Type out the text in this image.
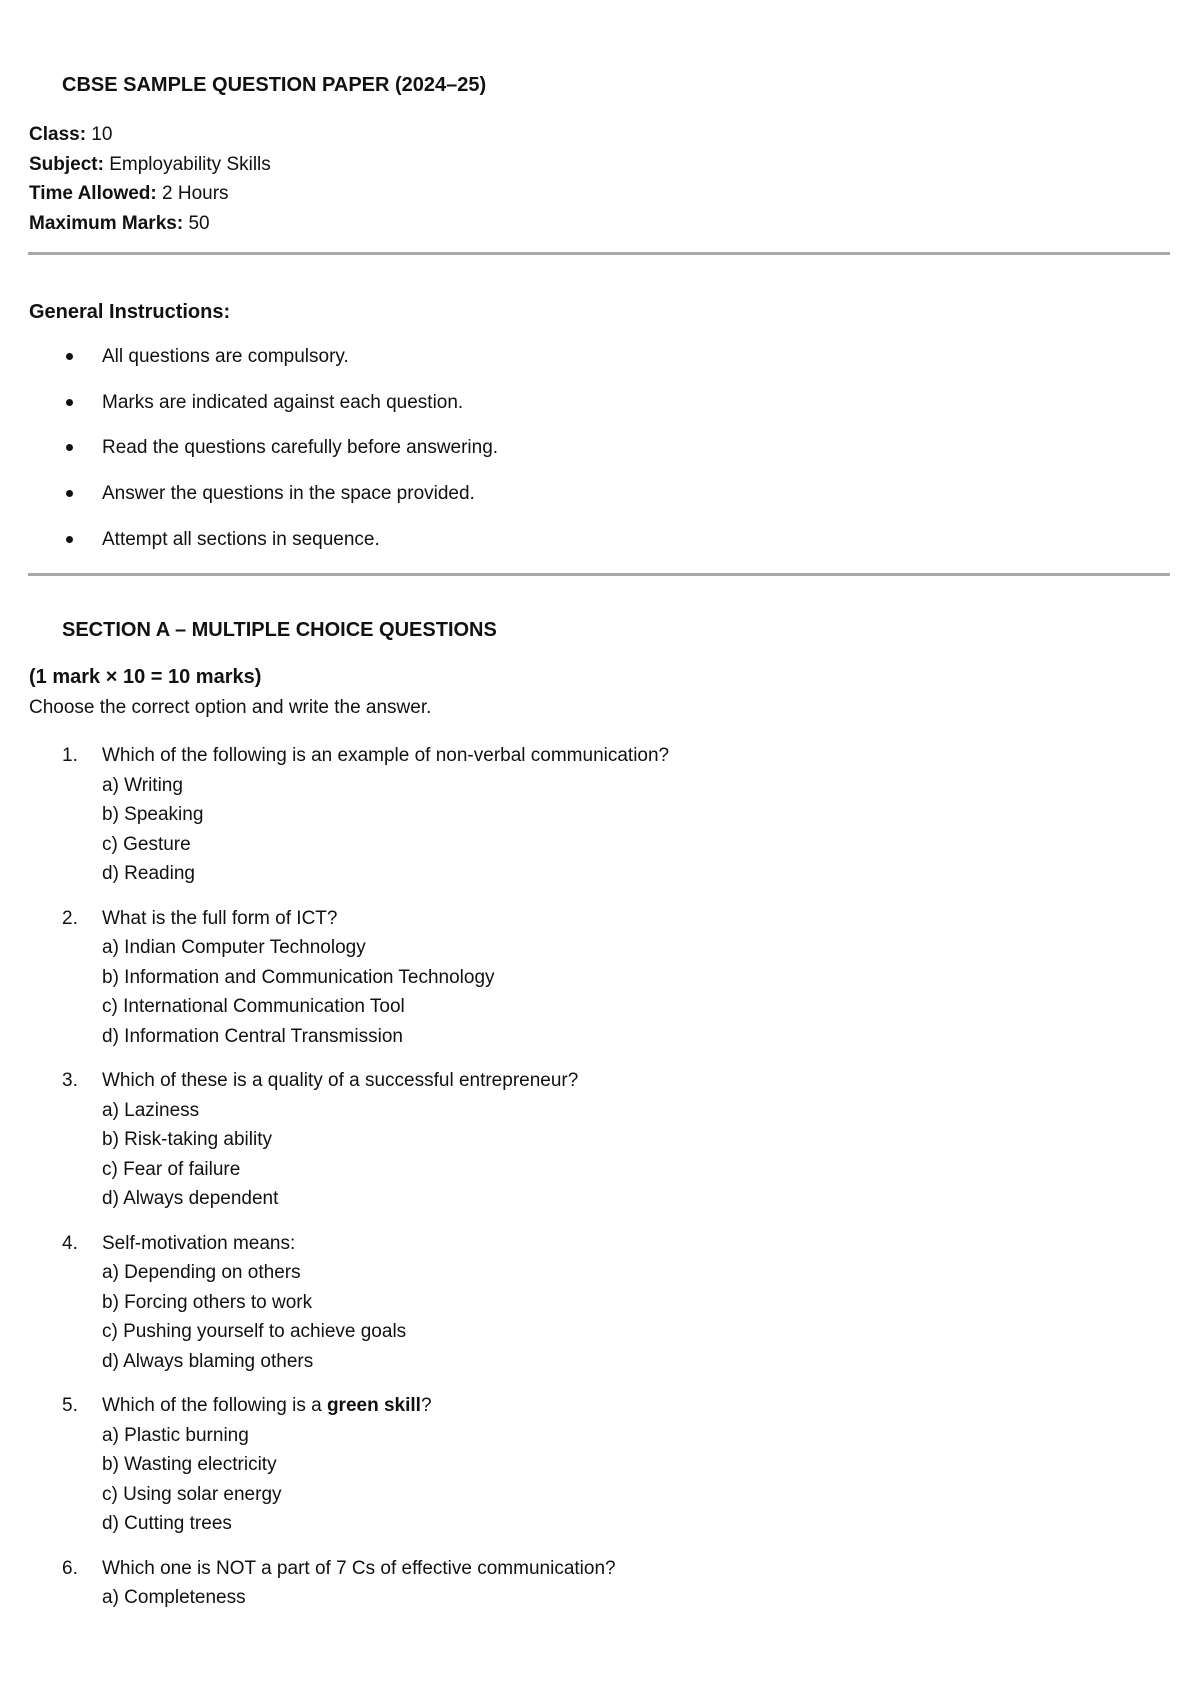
CBSE SAMPLE QUESTION PAPER (2024–25)
Class: 10
Subject: Employability Skills
Time Allowed: 2 Hours
Maximum Marks: 50
General Instructions:
All questions are compulsory.
Marks are indicated against each question.
Read the questions carefully before answering.
Answer the questions in the space provided.
Attempt all sections in sequence.
SECTION A – MULTIPLE CHOICE QUESTIONS

(1 mark × 10 = 10 marks)

Choose the correct option and write the answer.
1. Which of the following is an example of non-verbal communication?
a) Writing
b) Speaking
c) Gesture
d) Reading
2. What is the full form of ICT?
a) Indian Computer Technology
b) Information and Communication Technology
c) International Communication Tool
d) Information Central Transmission
3. Which of these is a quality of a successful entrepreneur?
a) Laziness
b) Risk-taking ability
c) Fear of failure
d) Always dependent
4. Self-motivation means:
a) Depending on others
b) Forcing others to work
c) Pushing yourself to achieve goals
d) Always blaming others
5. Which of the following is a green skill?
a) Plastic burning
b) Wasting electricity
c) Using solar energy
d) Cutting trees
6. Which one is NOT a part of 7 Cs of effective communication?
a) Completeness
